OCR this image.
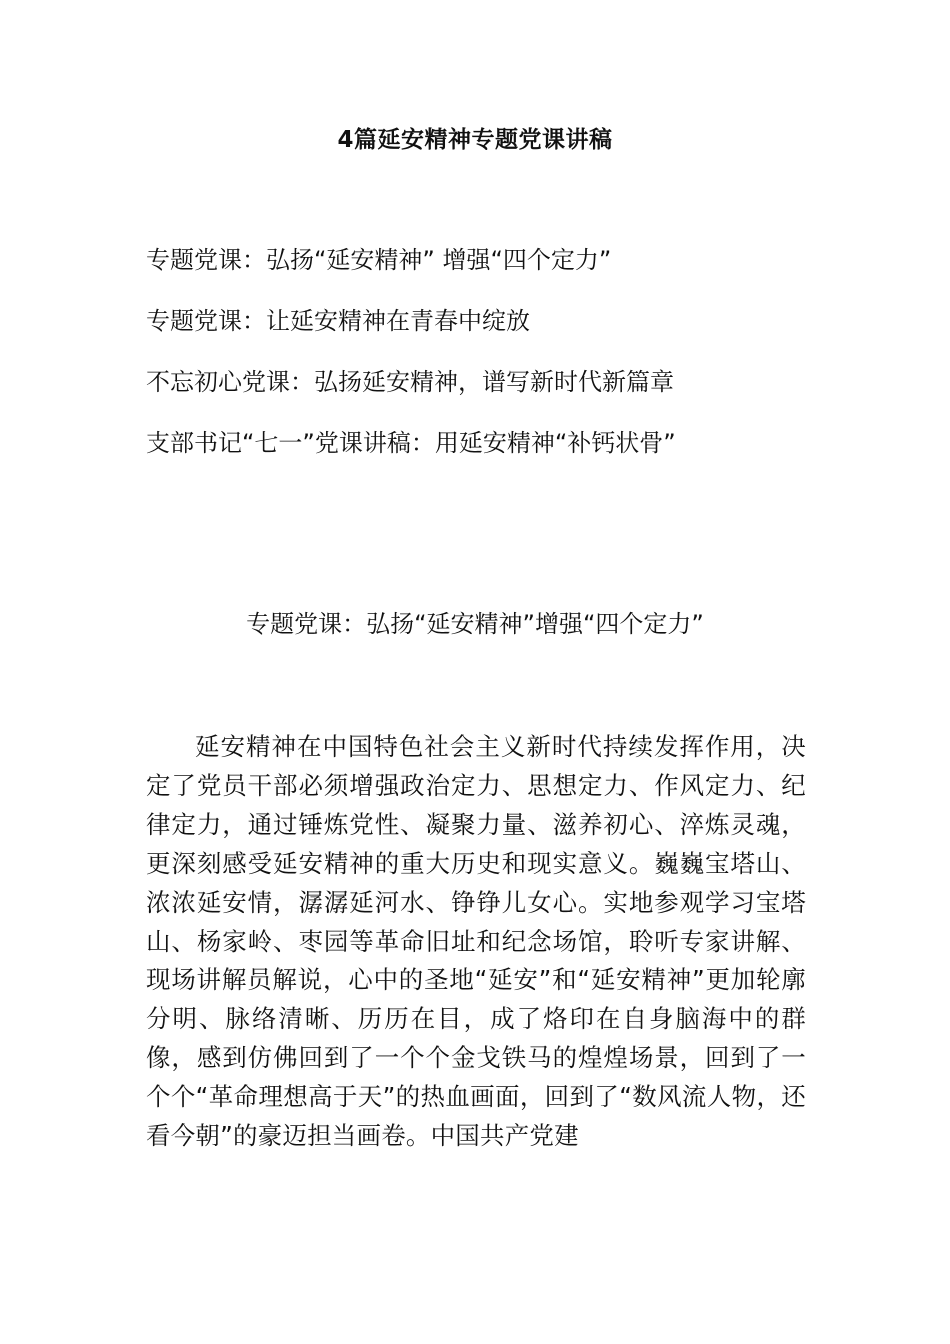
4篇延安精神专题党课讲稿
专题党课：弘扬“延安精神” 增强“四个定力”
专题党课：让延安精神在青春中绽放
不忘初心党课：弘扬延安精神，谱写新时代新篇章
支部书记“七一”党课讲稿：用延安精神“补钙状骨”
专题党课：弘扬“延安精神”增强“四个定力”

延安精神在中国特色社会主义新时代持续发挥作用，决定了党员干部必须增强政治定力、思想定力、作风定力、纪律定力，通过锤炼党性、凝聚力量、滋养初心、淬炼灵魂，更深刻感受延安精神的重大历史和现实意义。巍巍宝塔山、浓浓延安情，潺潺延河水、铮铮儿女心。实地参观学习宝塔山、杨家岭、枣园等革命旧址和纪念场馆，聆听专家讲解、现场讲解员解说，心中的圣地“延安”和“延安精神”更加轮廓分明、脉络清晰、历历在目，成了烙印在自身脑海中的群像，感到仿佛回到了一个个金戈铁马的煌煌场景，回到了一个个“革命理想高于天”的热血画面，回到了“数风流人物，还看今朝”的豪迈担当画卷。中国共产党建
